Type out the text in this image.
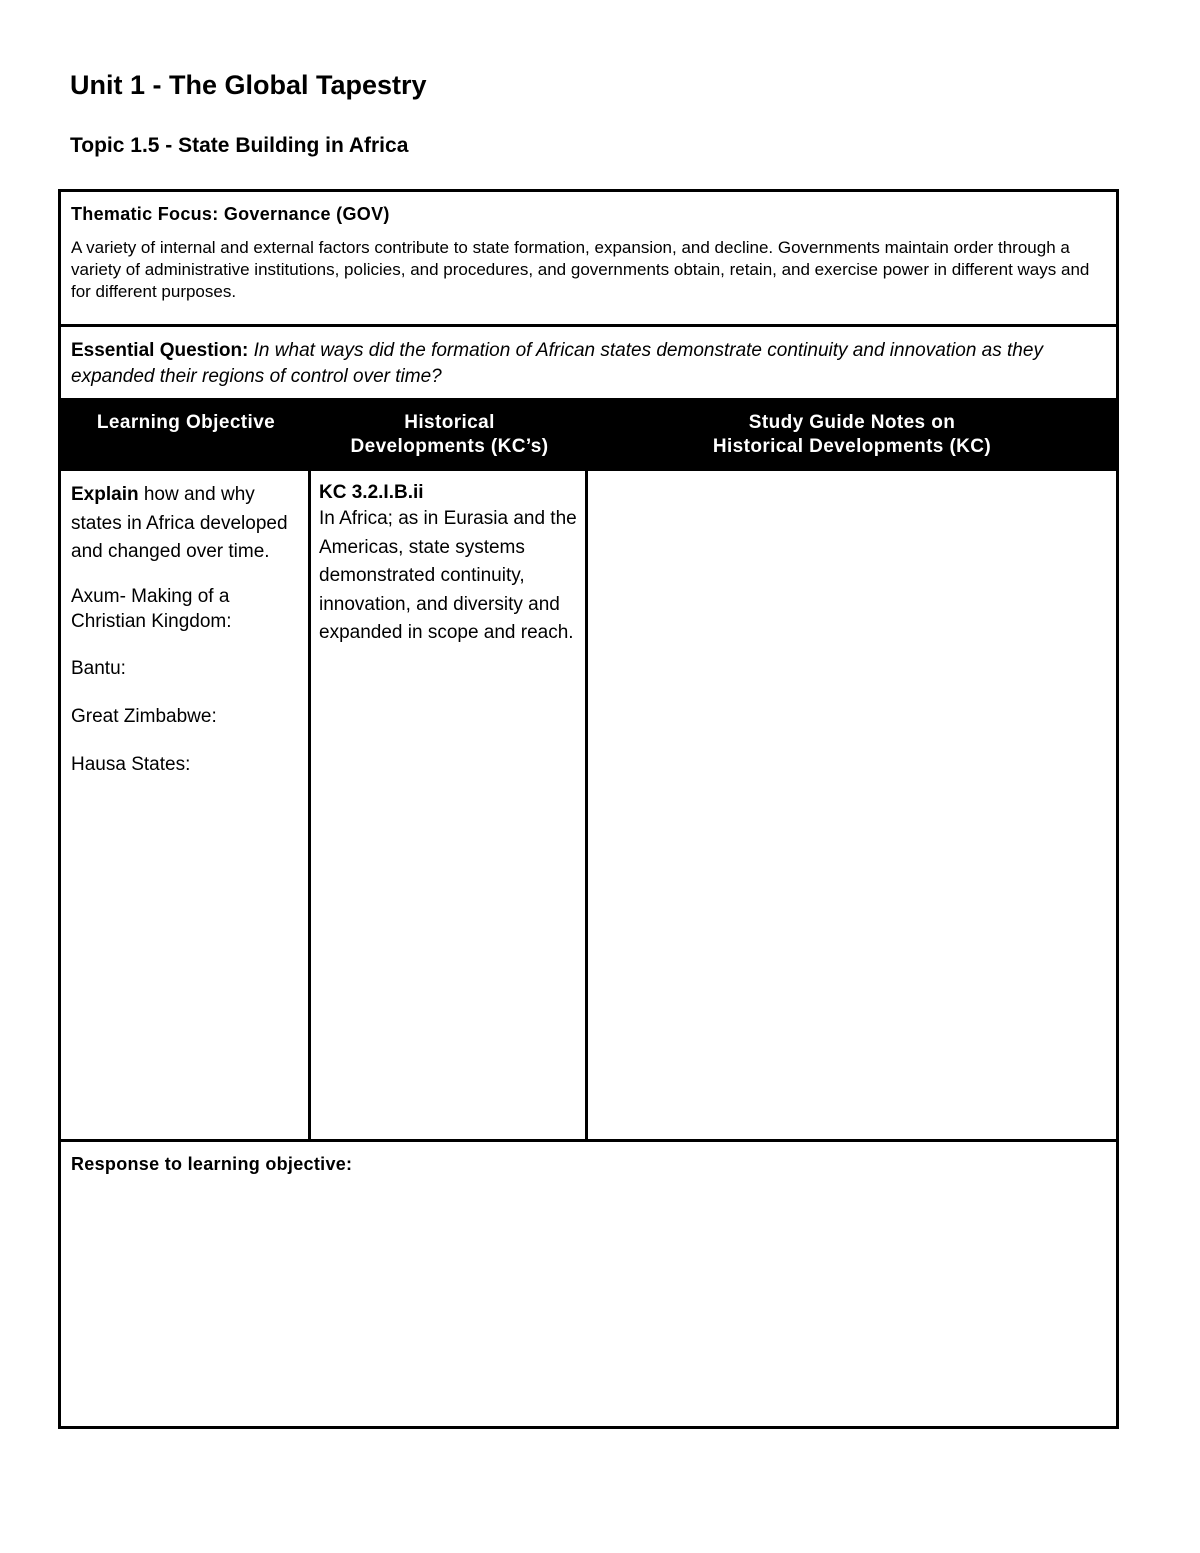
Unit 1 - The Global Tapestry
Topic 1.5 - State Building in Africa
Thematic Focus: Governance (GOV)
A variety of internal and external factors contribute to state formation, expansion, and decline. Governments maintain order through a variety of administrative institutions, policies, and procedures, and governments obtain, retain, and exercise power in different ways and for different purposes.
Essential Question: In what ways did the formation of African states demonstrate continuity and innovation as they expanded their regions of control over time?
Learning Objective	Historical
Developments (KC’s)
Study Guide Notes on
Historical Developments (KC)

Explain how and why states in Africa developed and changed over time.

Axum- Making of a Christian Kingdom:

Bantu:

Great Zimbabwe:

Hausa States:

KC 3.2.I.B.ii
In Africa; as in Eurasia and the Americas, state systems demonstrated continuity, innovation, and diversity and expanded in scope and reach.
Response to learning objective:
